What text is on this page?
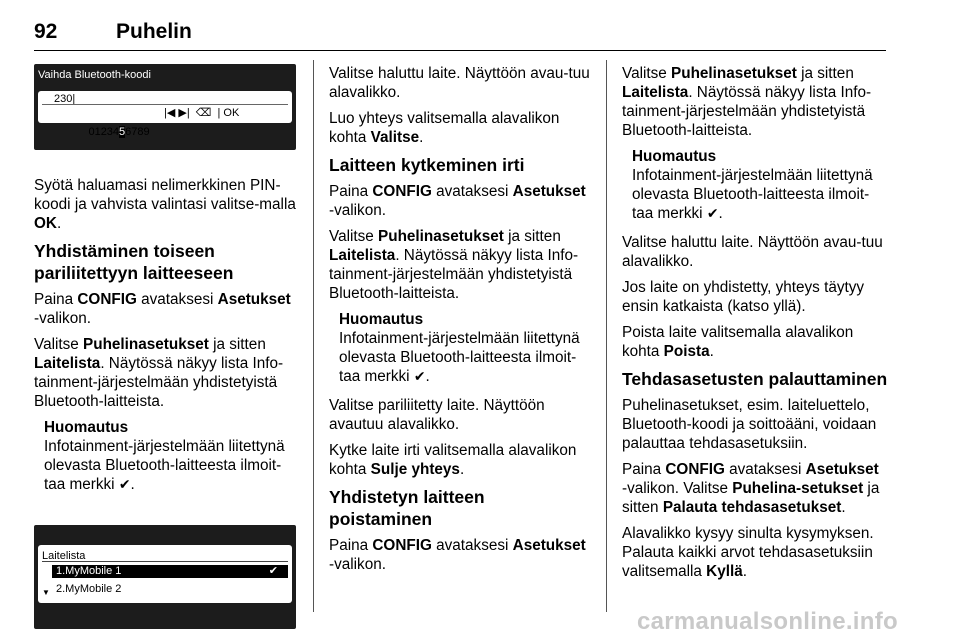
92	Puhelin
Vaihda Bluetooth-koodi
230|

0123456789

|◀ ▶|  ⌫  | OK

Syötä haluamasi nelimerkkinen PIN-koodi ja vahvista valintasi valitse-malla OK.

Yhdistäminen toiseen pariliitettyyn laitteeseen

Paina CONFIG avataksesi Asetukset -valikon.

Valitse Puhelinasetukset ja sitten Laitelista. Näytössä näkyy lista Info-tainment-järjestelmään yhdistetyistä Bluetooth-laitteista.

Huomautus
Infotainment-järjestelmään liitettynä olevasta Bluetooth-laitteesta ilmoit-taa merkki ✔.
Laitelista
1.MyMobile 1	✔
▼ 2.MyMobile 2

Valitse haluttu laite. Näyttöön avau-tuu alavalikko.

Luo yhteys valitsemalla alavalikon kohta Valitse.

Laitteen kytkeminen irti

Paina CONFIG avataksesi Asetukset -valikon.

Valitse Puhelinasetukset ja sitten Laitelista. Näytössä näkyy lista Info-tainment-järjestelmään yhdistetyistä Bluetooth-laitteista.

Huomautus
Infotainment-järjestelmään liitettynä olevasta Bluetooth-laitteesta ilmoit-taa merkki ✔.

Valitse pariliitetty laite. Näyttöön avautuu alavalikko.

Kytke laite irti valitsemalla alavalikon kohta Sulje yhteys.

Yhdistetyn laitteen poistaminen

Paina CONFIG avataksesi Asetukset -valikon.

Valitse Puhelinasetukset ja sitten Laitelista. Näytössä näkyy lista Info-tainment-järjestelmään yhdistetyistä Bluetooth-laitteista.

Huomautus
Infotainment-järjestelmään liitettynä olevasta Bluetooth-laitteesta ilmoit-taa merkki ✔.

Valitse haluttu laite. Näyttöön avau-tuu alavalikko.

Jos laite on yhdistetty, yhteys täytyy ensin katkaista (katso yllä).

Poista laite valitsemalla alavalikon kohta Poista.

Tehdasasetusten palauttaminen

Puhelinasetukset, esim. laiteluettelo, Bluetooth-koodi ja soittoääni, voidaan palauttaa tehdasasetuksiin.

Paina CONFIG avataksesi Asetukset -valikon. Valitse Puhelina-setukset ja sitten Palauta tehdasasetukset.

Alavalikko kysyy sinulta kysymyksen. Palauta kaikki arvot tehdasasetuksiin valitsemalla Kyllä.

carmanualsonline.info
